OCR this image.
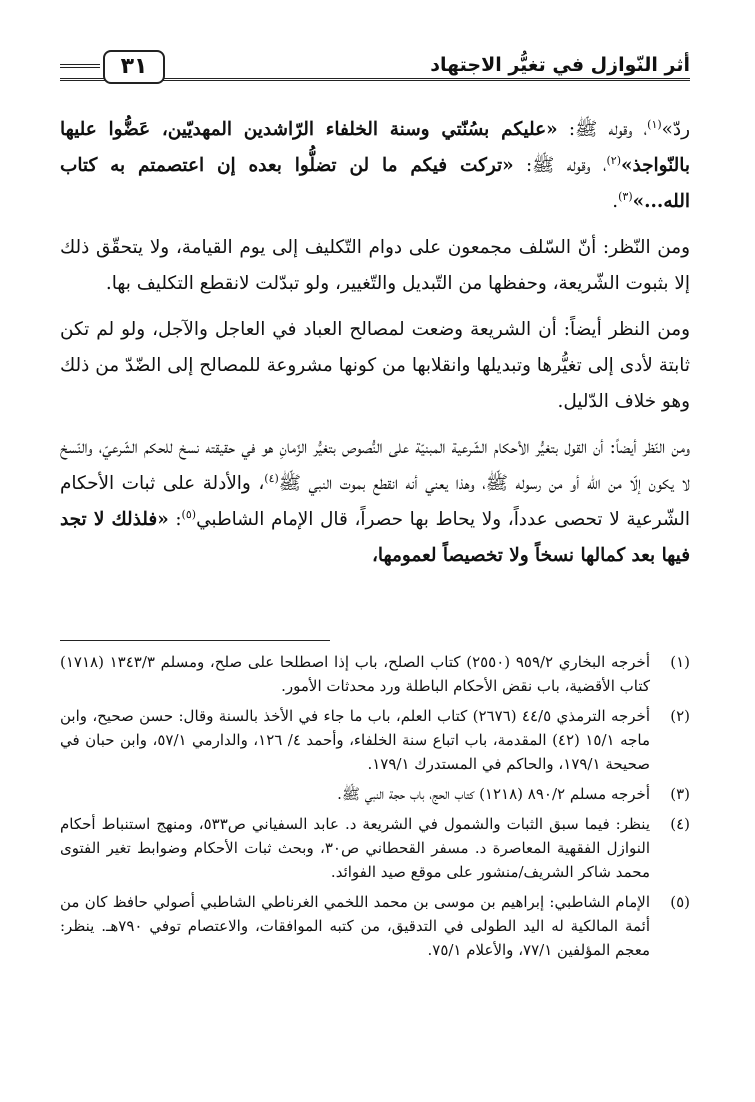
٣١	أثر النّوازل في تغيُّر الاجتهاد

ردّ»$^{(١)}$، وقوله ﷺ: «عليكم بسُنّتي وسنة الخلفاء الرّاشدين المهديّين، عَضُّوا عليها بالنّواجذ»$^{(٢)}$، وقوله ﷺ: «تركت فيكم ما لن تضلُّوا بعده إن اعتصمتم به كتاب الله...»$^{(٣)}$.

ومن النّظر: أنّ السّلف مجمعون على دوام التّكليف إلى يوم القيامة، ولا يتحقّق ذلك إلا بثبوت الشّريعة، وحفظها من التّبديل والتّغيير، ولو تبدّلت لانقطع التكليف بها.

ومن النظر أيضاً: أن الشريعة وضعت لمصالح العباد في العاجل والآجل، ولو لم تكن ثابتة لأدى إلى تغيُّرها وتبديلها وانقلابها من كونها مشروعة للمصالح إلى الضّدّ من ذلك وهو خلاف الدّليل.

ومن النّظر أيضاً: أن القول بتغيُّر الأحكام الشّرعية المبنيّة على النُّصوص بتغيُّر الزّمانِ هو في حقيقته نسخ للحكم الشّرعيّ، والنّسخ لا يكون إلّا من الله أو من رسوله ﷺ، وهذا يعني أنه انقطع بموت النبي ﷺ$^{(٤)}$، والأدلة على ثبات الأحكام الشّرعية لا تحصى عدداً، ولا يحاط بها حصراً، قال الإمام الشاطبي$^{(٥)}$: «فلذلك لا تجد فيها بعد كمالها نسخاً ولا تخصيصاً لعمومها،

(١)
أخرجه البخاري ٩٥٩/٢ (٢٥٥٠) كتاب الصلح، باب إذا اصطلحا على صلح، ومسلم ١٣٤٣/٣ (١٧١٨) كتاب الأقضية، باب نقض الأحكام الباطلة ورد محدثات الأمور.
(٢)
أخرجه الترمذي ٤٤/٥ (٢٦٧٦) كتاب العلم، باب ما جاء في الأخذ بالسنة وقال: حسن صحيح، وابن ماجه ١٥/١ (٤٢) المقدمة، باب اتباع سنة الخلفاء، وأحمد ٤/ ١٢٦، والدارمي ٥٧/١، وابن حبان في صحيحة ١٧٩/١، والحاكم في المستدرك ١٧٩/١.
(٣)
أخرجه مسلم ٨٩٠/٢ (١٢١٨) كتاب الحج، باب حجة النبي ﷺ.
(٤)
ينظر: فيما سبق الثبات والشمول في الشريعة د. عابد السفياني ص٥٣٣، ومنهج استنباط أحكام النوازل الفقهية المعاصرة د. مسفر القحطاني ص٣٠، وبحث ثبات الأحكام وضوابط تغير الفتوى محمد شاكر الشريف/منشور على موقع صيد الفوائد.
(٥)
الإمام الشاطبي: إبراهيم بن موسى بن محمد اللخمي الغرناطي الشاطبي أصولي حافظ كان من أئمة المالكية له اليد الطولى في التدقيق، من كتبه الموافقات، والاعتصام توفي ٧٩٠هـ. ينظر: معجم المؤلفين ٧٧/١، والأعلام ٧٥/١.
